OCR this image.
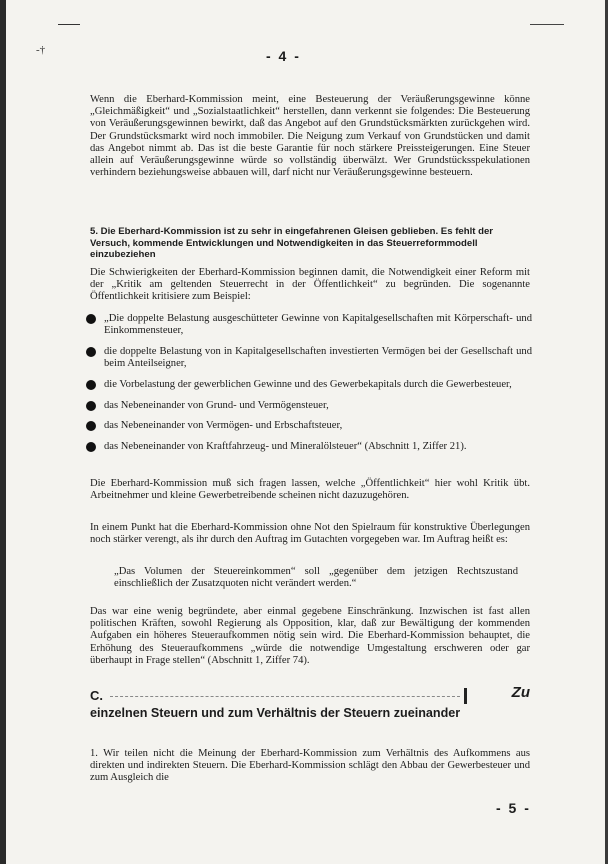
-†	- 4 -
Wenn die Eberhard-Kommission meint, eine Besteuerung der Veräußerungsgewinne könne „Gleichmäßigkeit“ und „Sozialstaatlichkeit“ herstellen, dann verkennt sie folgendes: Die Besteuerung von Veräußerungsgewinnen bewirkt, daß das Angebot auf den Grundstücksmärkten zurückgehen wird. Der Grundstücksmarkt wird noch immobiler. Die Neigung zum Verkauf von Grundstücken und damit das Angebot nimmt ab. Das ist die beste Garantie für noch stärkere Preissteigerungen. Eine Steuer allein auf Veräußerungsgewinne würde so vollständig überwälzt. Wer Grundstücksspekulationen verhindern beziehungsweise abbauen will, darf nicht nur Veräußerungsgewinne besteuern.
5. Die Eberhard-Kommission ist zu sehr in eingefahrenen Gleisen geblieben. Es fehlt der Versuch, kommende Entwicklungen und Notwendigkeiten in das Steuerreformmodell einzubeziehen
Die Schwierigkeiten der Eberhard-Kommission beginnen damit, die Notwendigkeit einer Reform mit der „Kritik am geltenden Steuerrecht in der Öffentlichkeit“ zu begründen. Die sogenannte Öffentlichkeit kritisiere zum Beispiel:
„Die doppelte Belastung ausgeschütteter Gewinne von Kapitalgesellschaften mit Körperschaft- und Einkommensteuer,
die doppelte Belastung von in Kapitalgesellschaften investierten Vermögen bei der Gesellschaft und beim Anteilseigner,
die Vorbelastung der gewerblichen Gewinne und des Gewerbekapitals durch die Gewerbesteuer,
das Nebeneinander von Grund- und Vermögensteuer,
das Nebeneinander von Vermögen- und Erbschaftsteuer,
das Nebeneinander von Kraftfahrzeug- und Mineralölsteuer“ (Abschnitt 1, Ziffer 21).
Die Eberhard-Kommission muß sich fragen lassen, welche „Öffentlichkeit“ hier wohl Kritik übt. Arbeitnehmer und kleine Gewerbetreibende scheinen nicht dazuzugehören.
In einem Punkt hat die Eberhard-Kommission ohne Not den Spielraum für konstruktive Überlegungen noch stärker verengt, als ihr durch den Auftrag im Gutachten vorgegeben war. Im Auftrag heißt es:
„Das Volumen der Steuereinkommen“ soll „gegenüber dem jetzigen Rechtszustand einschließlich der Zusatzquoten nicht verändert werden.“
Das war eine wenig begründete, aber einmal gegebene Einschränkung. Inzwischen ist fast allen politischen Kräften, sowohl Regierung als Opposition, klar, daß zur Bewältigung der kommenden Aufgaben ein höheres Steueraufkommen nötig sein wird. Die Eberhard-Kommission behauptet, die Erhöhung des Steueraufkommens „würde die notwendige Umgestaltung erschweren oder gar überhaupt in Frage stellen“ (Abschnitt 1, Ziffer 74).
C.	Zu
einzelnen Steuern und zum Verhältnis der Steuern zueinander
1. Wir teilen nicht die Meinung der Eberhard-Kommission zum Verhältnis des Aufkommens aus direkten und indirekten Steuern. Die Eberhard-Kommission schlägt den Abbau der Gewerbesteuer und zum Ausgleich die
- 5 -
